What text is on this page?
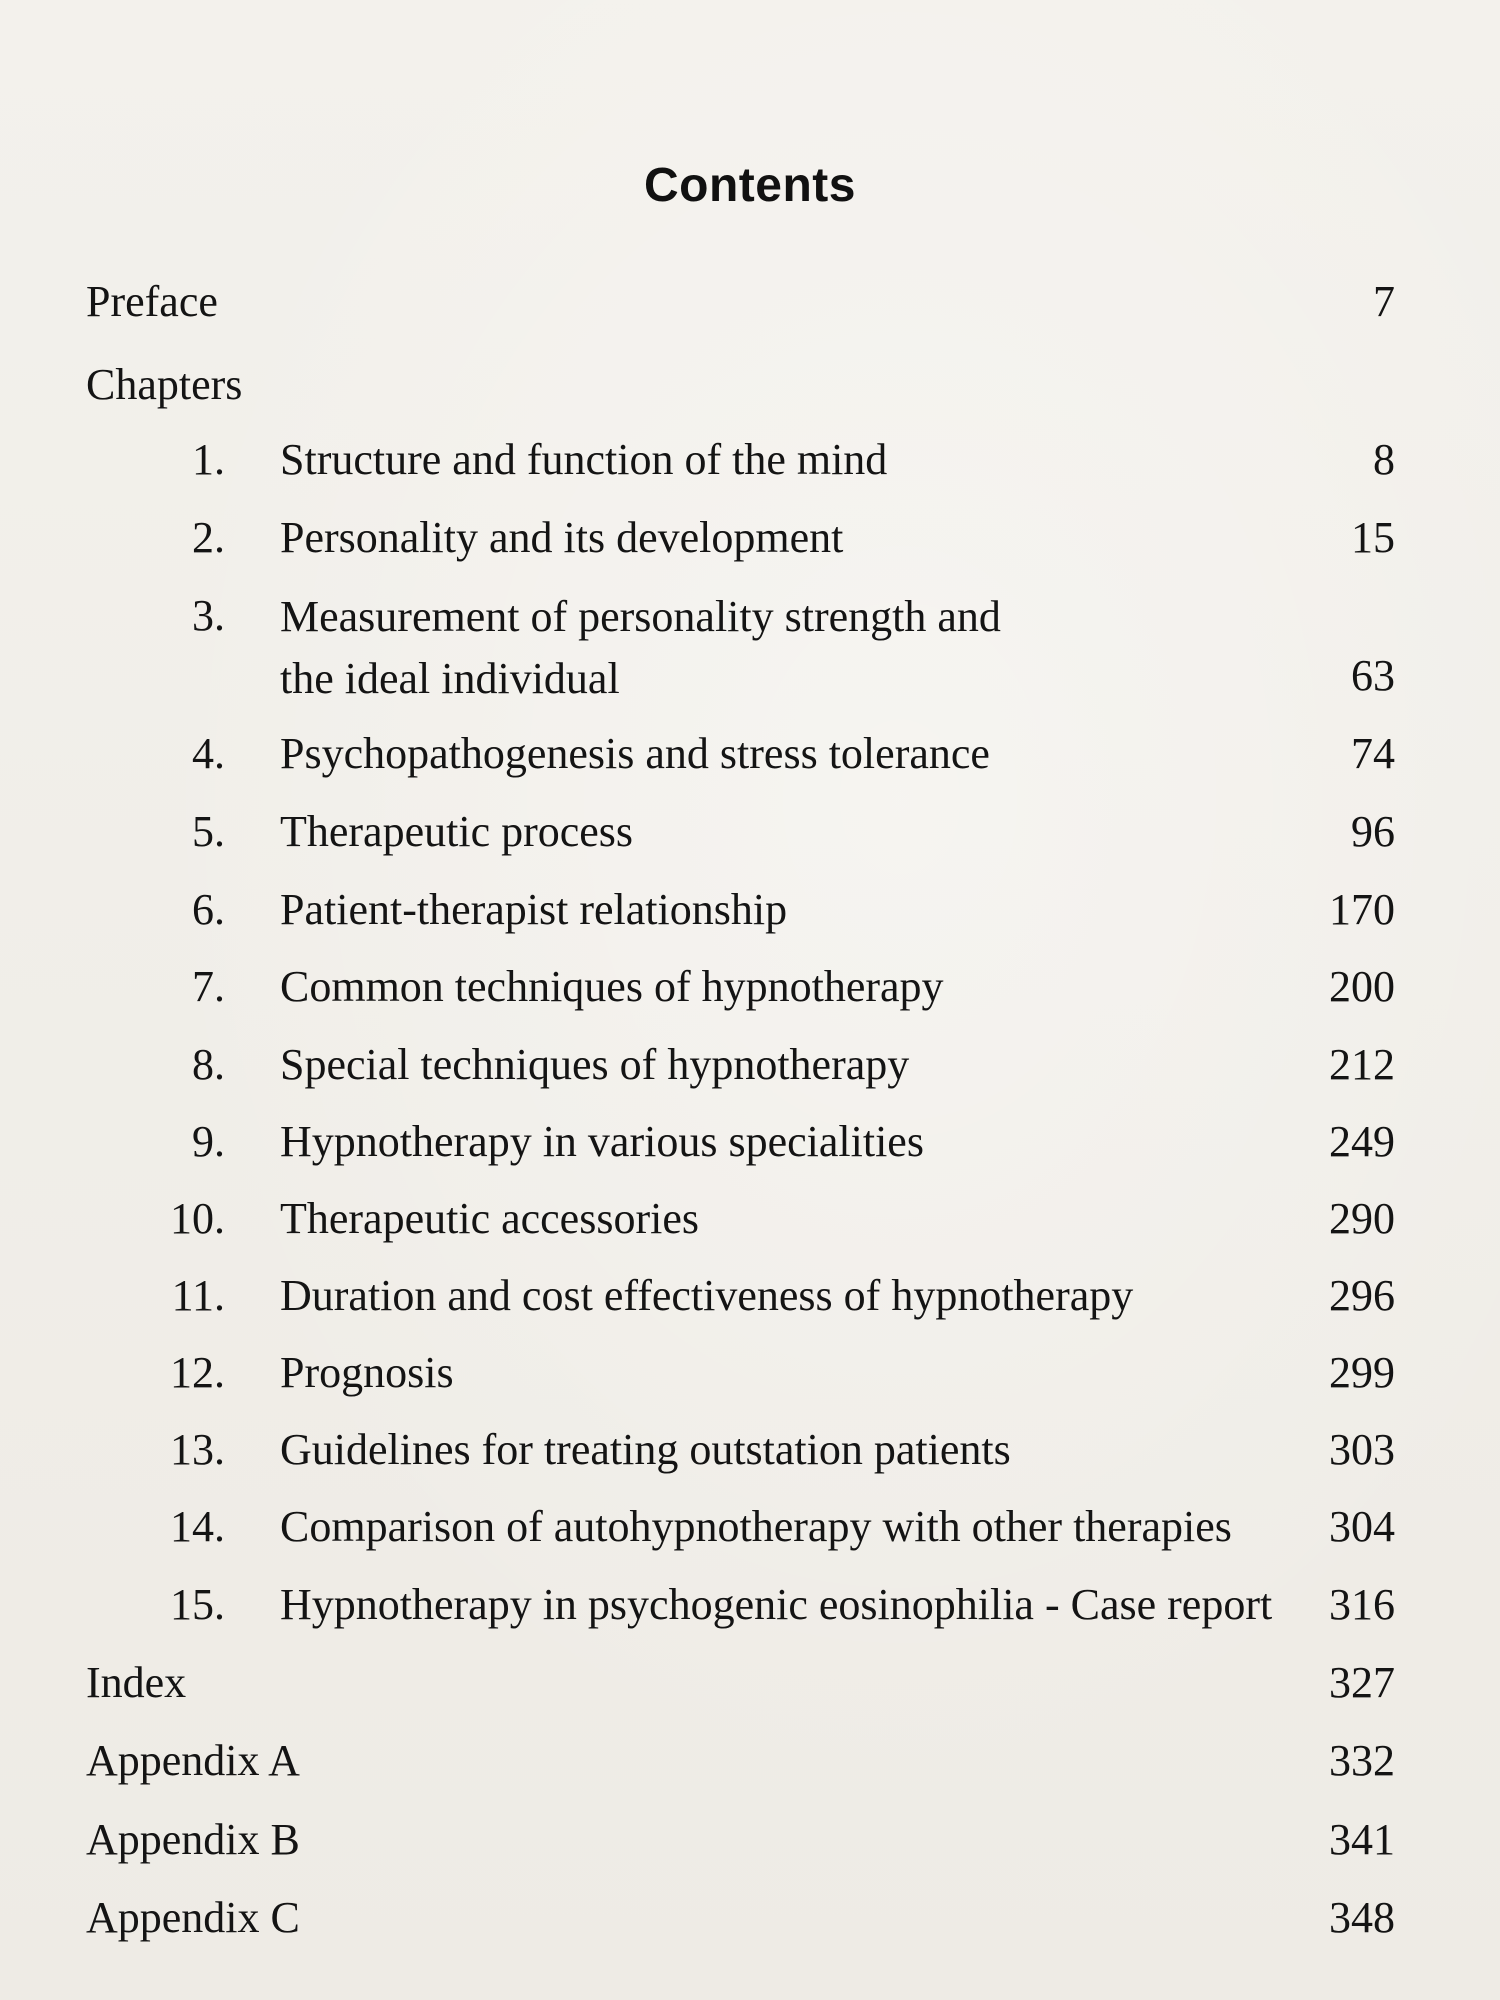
Contents
Preface	7
Chapters
1. Structure and function of the mind	8
2. Personality and its development	15
3. Measurement of personality strength and
the ideal individual	63
4. Psychopathogenesis and stress tolerance	74
5. Therapeutic process	96
6. Patient-therapist relationship	170
7. Common techniques of hypnotherapy	200
8. Special techniques of hypnotherapy	212
9. Hypnotherapy in various specialities	249
10. Therapeutic accessories	290
11. Duration and cost effectiveness of hypnotherapy	296
12. Prognosis	299
13. Guidelines for treating outstation patients	303
14. Comparison of autohypnotherapy with other therapies 304
15. Hypnotherapy in psychogenic eosinophilia - Case report 316
Index	327
Appendix A	332
Appendix B	341
Appendix C	348
